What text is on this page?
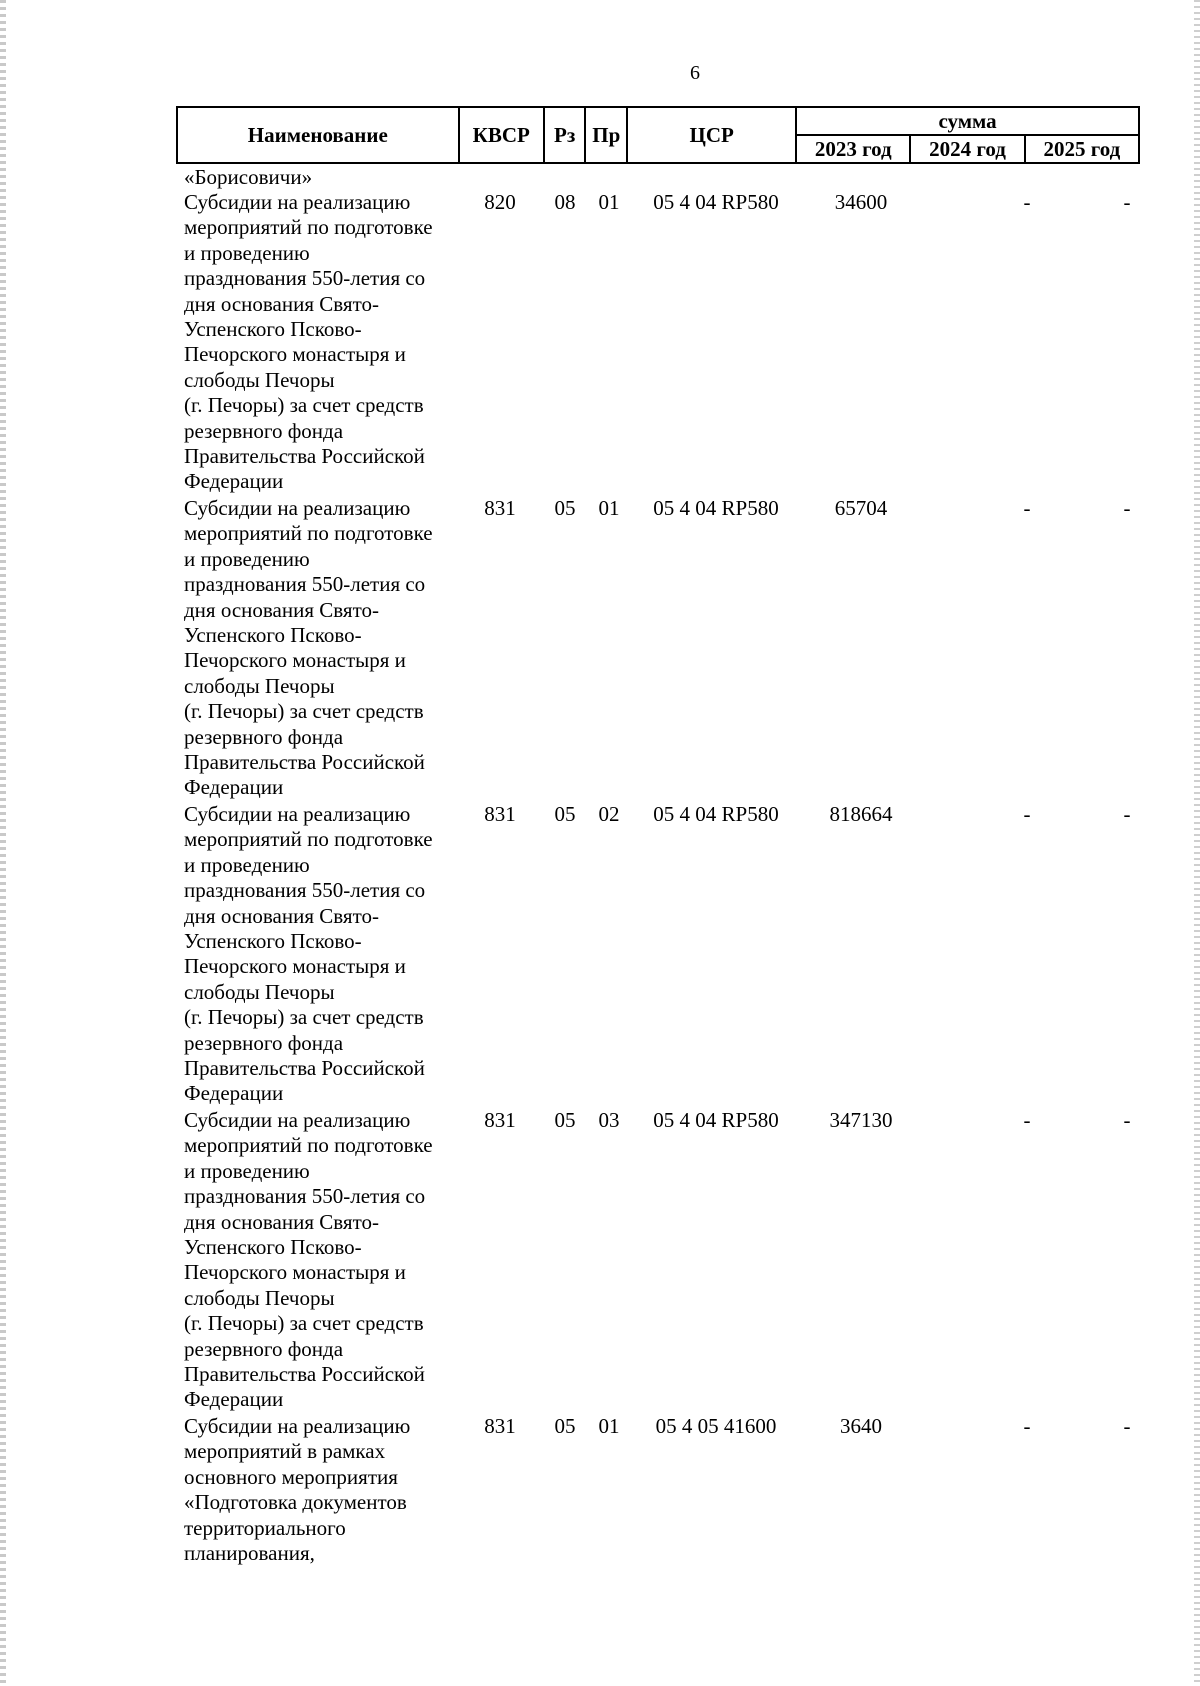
6
Наименование	КВСР	Рз	Пр	ЦСР	сумма		
					2023 год	2024 год	2025 год
«Борисовичи»
Субсидии на реализацию
мероприятий по подготовке
и проведению
празднования 550-летия со
дня основания Свято-
Успенского Псково-
Печорского монастыря и
слободы Печоры
(г. Печоры) за счет средств
резервного фонда
Правительства Российской
Федерации
820	08	01	05 4 04 RP580	34600	-	-
Субсидии на реализацию
мероприятий по подготовке
и проведению
празднования 550-летия со
дня основания Свято-
Успенского Псково-
Печорского монастыря и
слободы Печоры
(г. Печоры) за счет средств
резервного фонда
Правительства Российской
Федерации
831	05	01	05 4 04 RP580	65704	-	-
Субсидии на реализацию
мероприятий по подготовке
и проведению
празднования 550-летия со
дня основания Свято-
Успенского Псково-
Печорского монастыря и
слободы Печоры
(г. Печоры) за счет средств
резервного фонда
Правительства Российской
Федерации
831	05	02	05 4 04 RP580	818664	-	-
Субсидии на реализацию
мероприятий по подготовке
и проведению
празднования 550-летия со
дня основания Свято-
Успенского Псково-
Печорского монастыря и
слободы Печоры
(г. Печоры) за счет средств
резервного фонда
Правительства Российской
Федерации
831	05	03	05 4 04 RP580	347130	-	-
Субсидии на реализацию
мероприятий в рамках
основного мероприятия
«Подготовка документов
территориального
планирования,
831	05	01	05 4 05 41600	3640	-	-
